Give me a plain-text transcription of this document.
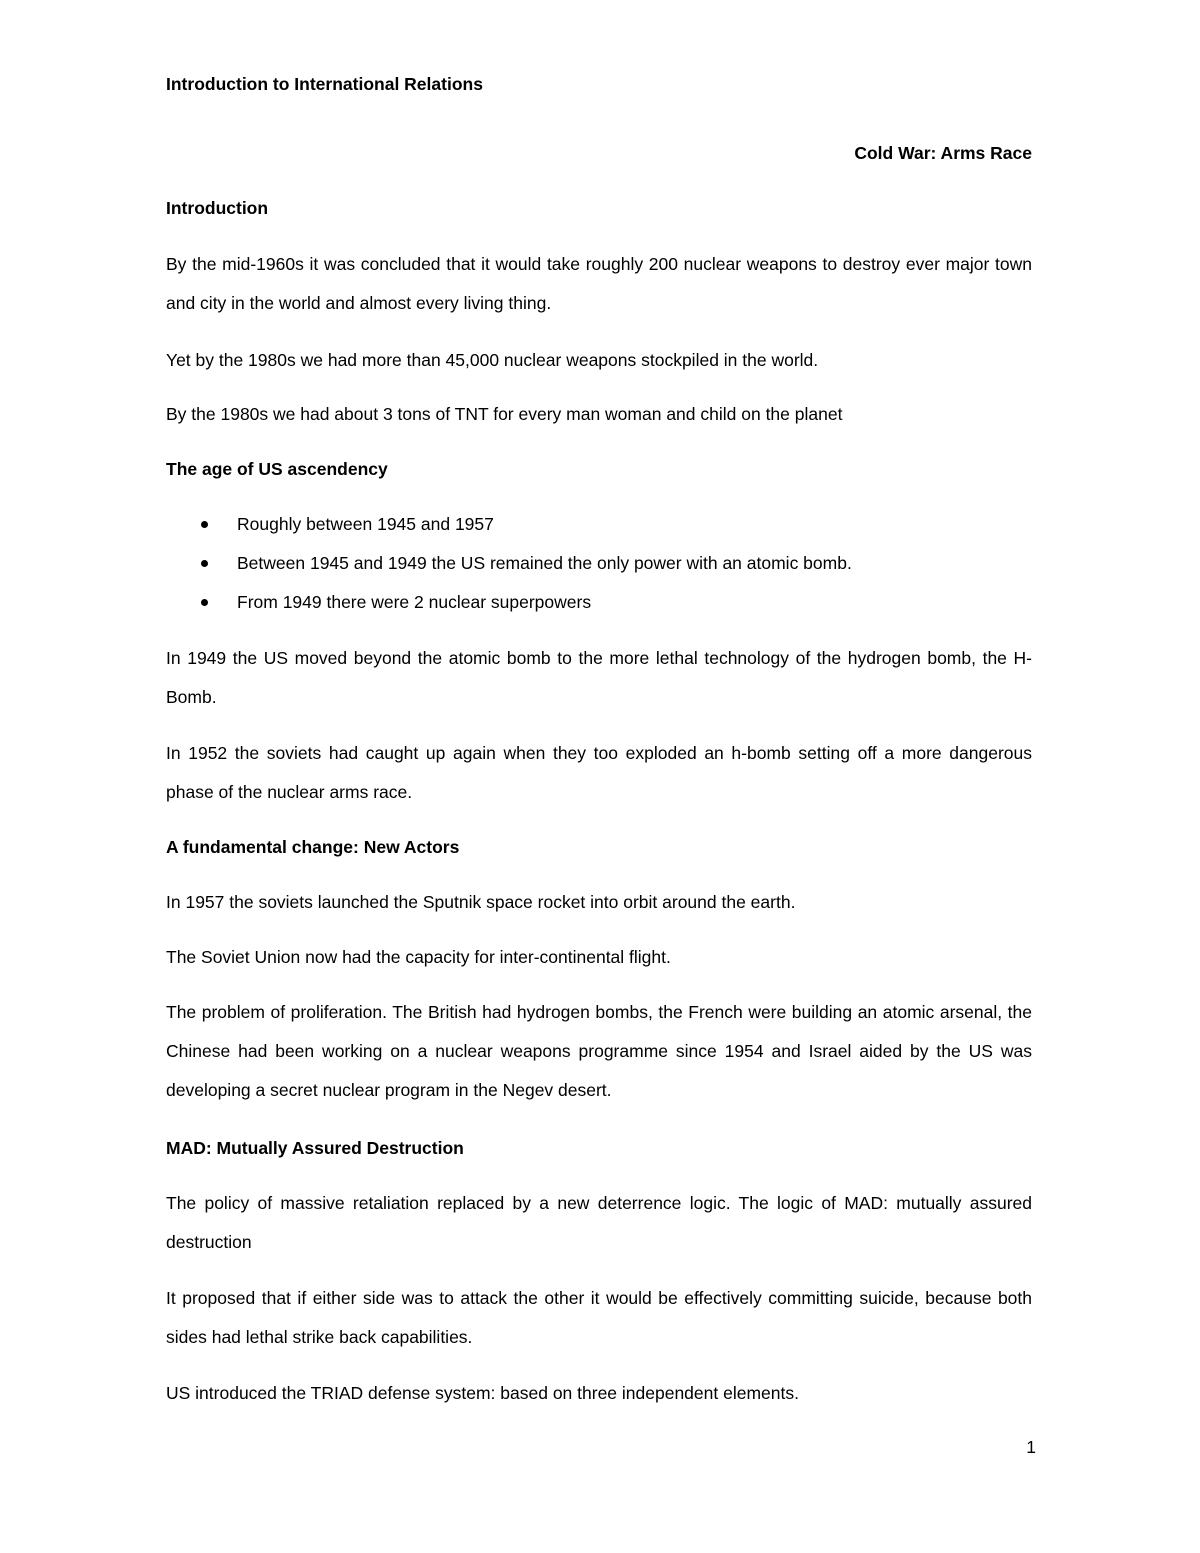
Introduction to International Relations

Cold War: Arms Race

Introduction

By the mid-1960s it was concluded that it would take roughly 200 nuclear weapons to destroy ever major town and city in the world and almost every living thing.

Yet by the 1980s we had more than 45,000 nuclear weapons stockpiled in the world.

By the 1980s we had about 3 tons of TNT for every man woman and child on the planet

The age of US ascendency

Roughly between 1945 and 1957
Between 1945 and 1949 the US remained the only power with an atomic bomb.
From 1949 there were 2 nuclear superpowers

In 1949 the US moved beyond the atomic bomb to the more lethal technology of the hydrogen bomb, the H-Bomb.

In 1952 the soviets had caught up again when they too exploded an h-bomb setting off a more dangerous phase of the nuclear arms race.

A fundamental change: New Actors

In 1957 the soviets launched the Sputnik space rocket into orbit around the earth.

The Soviet Union now had the capacity for inter-continental flight.

The problem of proliferation. The British had hydrogen bombs, the French were building an atomic arsenal, the Chinese had been working on a nuclear weapons programme since 1954 and Israel aided by the US was developing a secret nuclear program in the Negev desert.

MAD: Mutually Assured Destruction

The policy of massive retaliation replaced by a new deterrence logic. The logic of MAD: mutually assured destruction

It proposed that if either side was to attack the other it would be effectively committing suicide, because both sides had lethal strike back capabilities.

US introduced the TRIAD defense system: based on three independent elements.

1
